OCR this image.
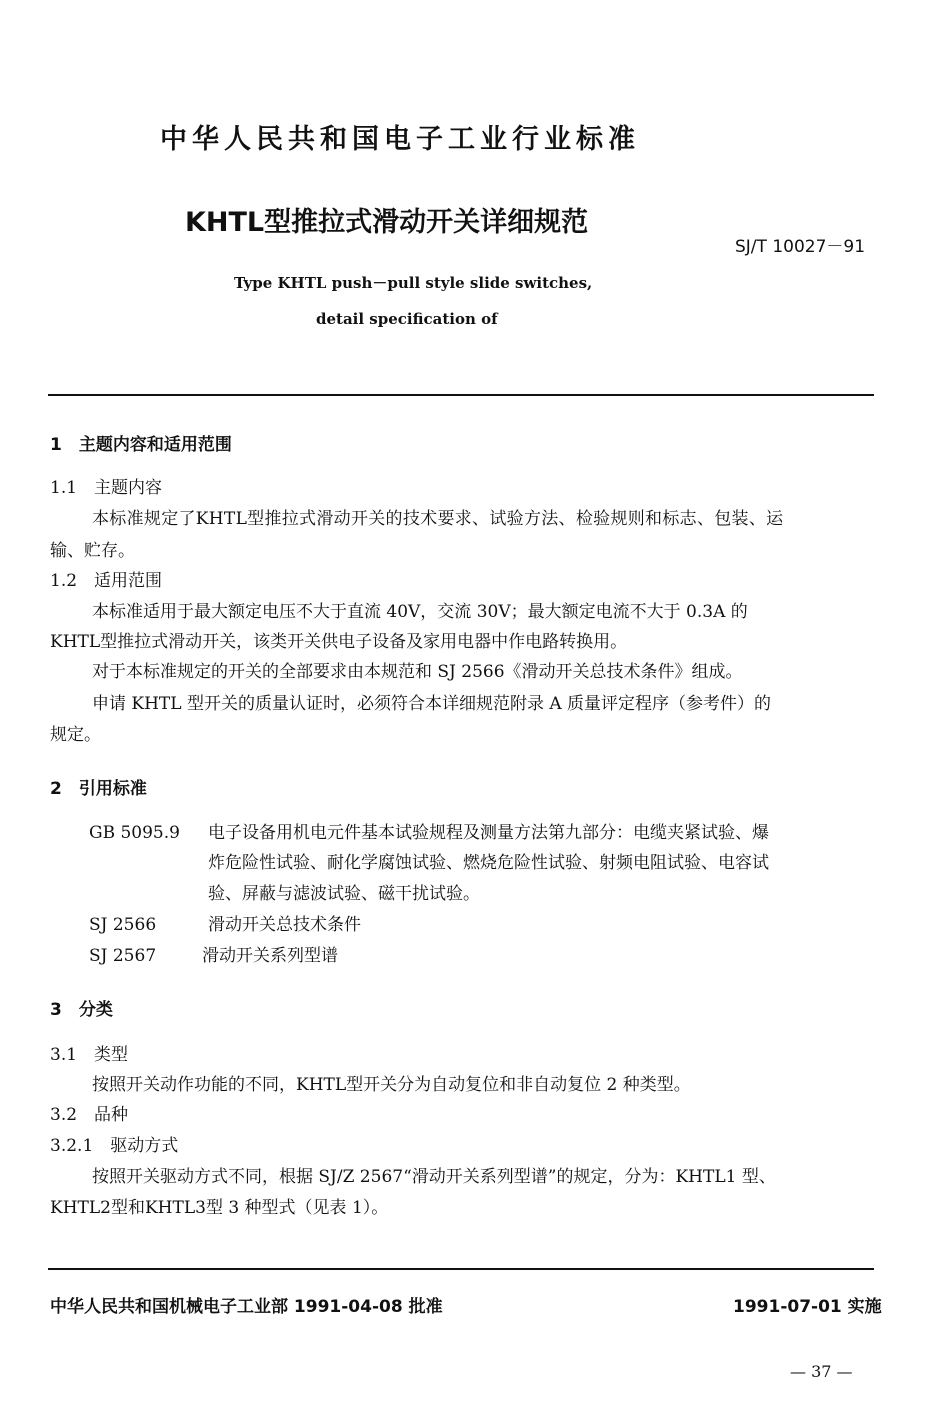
中华人民共和国电子工业行业标准
KHTL型推拉式滑动开关详细规范
SJ/T 10027－91
Type KHTL push－pull style slide switches,
detail specification of
1　主题内容和适用范围
1.1　主题内容
本标准规定了KHTL型推拉式滑动开关的技术要求、试验方法、检验规则和标志、包装、运
输、贮存。
1.2　适用范围
本标准适用于最大额定电压不大于直流 40V，交流 30V；最大额定电流不大于 0.3A 的
KHTL型推拉式滑动开关，该类开关供电子设备及家用电器中作电路转换用。
对于本标准规定的开关的全部要求由本规范和 SJ 2566《滑动开关总技术条件》组成。
申请 KHTL 型开关的质量认证时，必须符合本详细规范附录 A 质量评定程序（参考件）的
规定。
2　引用标准
GB 5095.9 电子设备用机电元件基本试验规程及测量方法第九部分：电缆夹紧试验、爆
炸危险性试验、耐化学腐蚀试验、燃烧危险性试验、射频电阻试验、电容试
验、屏蔽与滤波试验、磁干扰试验。
SJ 2566	滑动开关总技术条件
SJ 2567	滑动开关系列型谱
3　分类
3.1　类型
按照开关动作功能的不同，KHTL型开关分为自动复位和非自动复位 2 种类型。
3.2　品种
3.2.1　驱动方式
按照开关驱动方式不同，根据 SJ/Z 2567“滑动开关系列型谱”的规定，分为：KHTL1 型、
KHTL2型和KHTL3型 3 种型式（见表 1）。
中华人民共和国机械电子工业部 1991-04-08 批准	1991-07-01 实施
— 37 —
